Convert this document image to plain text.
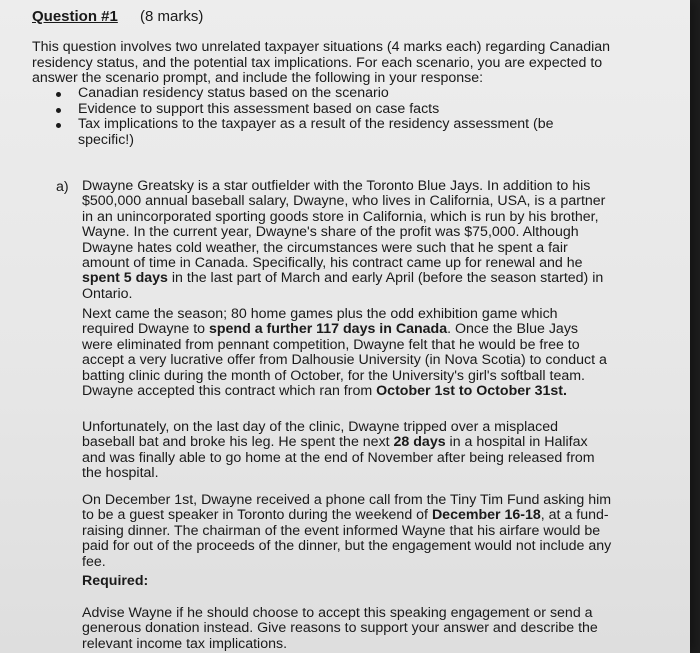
Question #1 (8 marks)

This question involves two unrelated taxpayer situations (4 marks each) regarding Canadian residency status, and the potential tax implications. For each scenario, you are expected to answer the scenario prompt, and include the following in your response:

Canadian residency status based on the scenario
Evidence to support this assessment based on case facts
Tax implications to the taxpayer as a result of the residency assessment (be specific!)
a) Dwayne Greatsky is a star outfielder with the Toronto Blue Jays. In addition to his $500,000 annual baseball salary, Dwayne, who lives in California, USA, is a partner in an unincorporated sporting goods store in California, which is run by his brother, Wayne. In the current year, Dwayne's share of the profit was $75,000. Although Dwayne hates cold weather, the circumstances were such that he spent a fair amount of time in Canada. Specifically, his contract came up for renewal and he spent 5 days in the last part of March and early April (before the season started) in Ontario.

Next came the season; 80 home games plus the odd exhibition game which required Dwayne to spend a further 117 days in Canada. Once the Blue Jays were eliminated from pennant competition, Dwayne felt that he would be free to accept a very lucrative offer from Dalhousie University (in Nova Scotia) to conduct a batting clinic during the month of October, for the University's girl's softball team. Dwayne accepted this contract which ran from October 1st to October 31st.

Unfortunately, on the last day of the clinic, Dwayne tripped over a misplaced baseball bat and broke his leg. He spent the next 28 days in a hospital in Halifax and was finally able to go home at the end of November after being released from the hospital.

On December 1st, Dwayne received a phone call from the Tiny Tim Fund asking him to be a guest speaker in Toronto during the weekend of December 16-18, at a fund-raising dinner. The chairman of the event informed Wayne that his airfare would be paid for out of the proceeds of the dinner, but the engagement would not include any fee.

Required:

Advise Wayne if he should choose to accept this speaking engagement or send a generous donation instead. Give reasons to support your answer and describe the relevant income tax implications.
